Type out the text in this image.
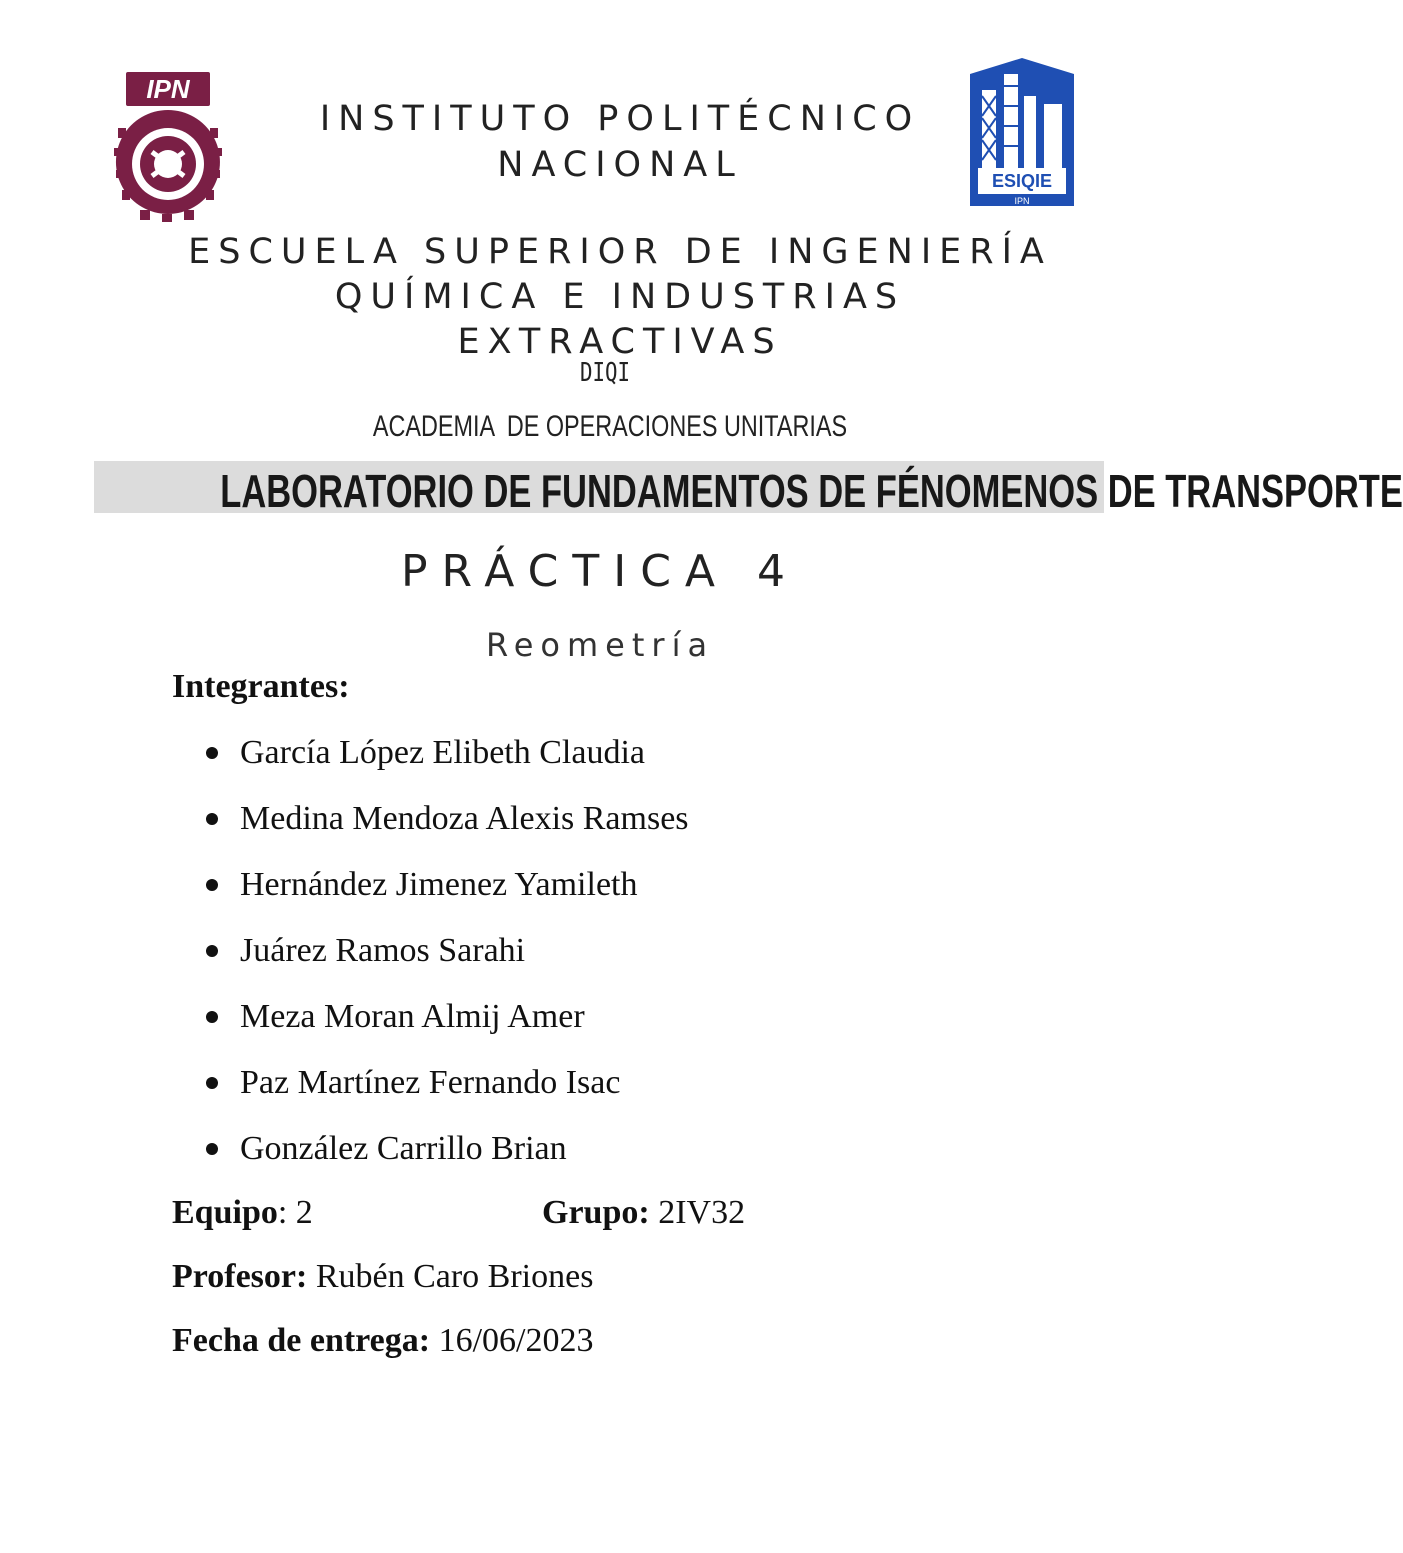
IPN
ESIQIE
IPN
INSTITUTO POLITÉCNICO
NACIONAL
ESCUELA SUPERIOR DE INGENIERÍA
QUÍMICA E INDUSTRIAS
EXTRACTIVAS
DIQI
ACADEMIA  DE OPERACIONES UNITARIAS
LABORATORIO DE FUNDAMENTOS DE FÉNOMENOS DE TRANSPORTE
PRÁCTICA 4
Reometría
Integrantes:
García López Elibeth Claudia
Medina Mendoza Alexis Ramses
Hernández Jimenez Yamileth
Juárez Ramos Sarahi
Meza Moran Almij Amer
Paz Martínez Fernando Isac
González Carrillo Brian
Equipo: 2	Grupo: 2IV32
Profesor: Rubén Caro Briones
Fecha de entrega: 16/06/2023
